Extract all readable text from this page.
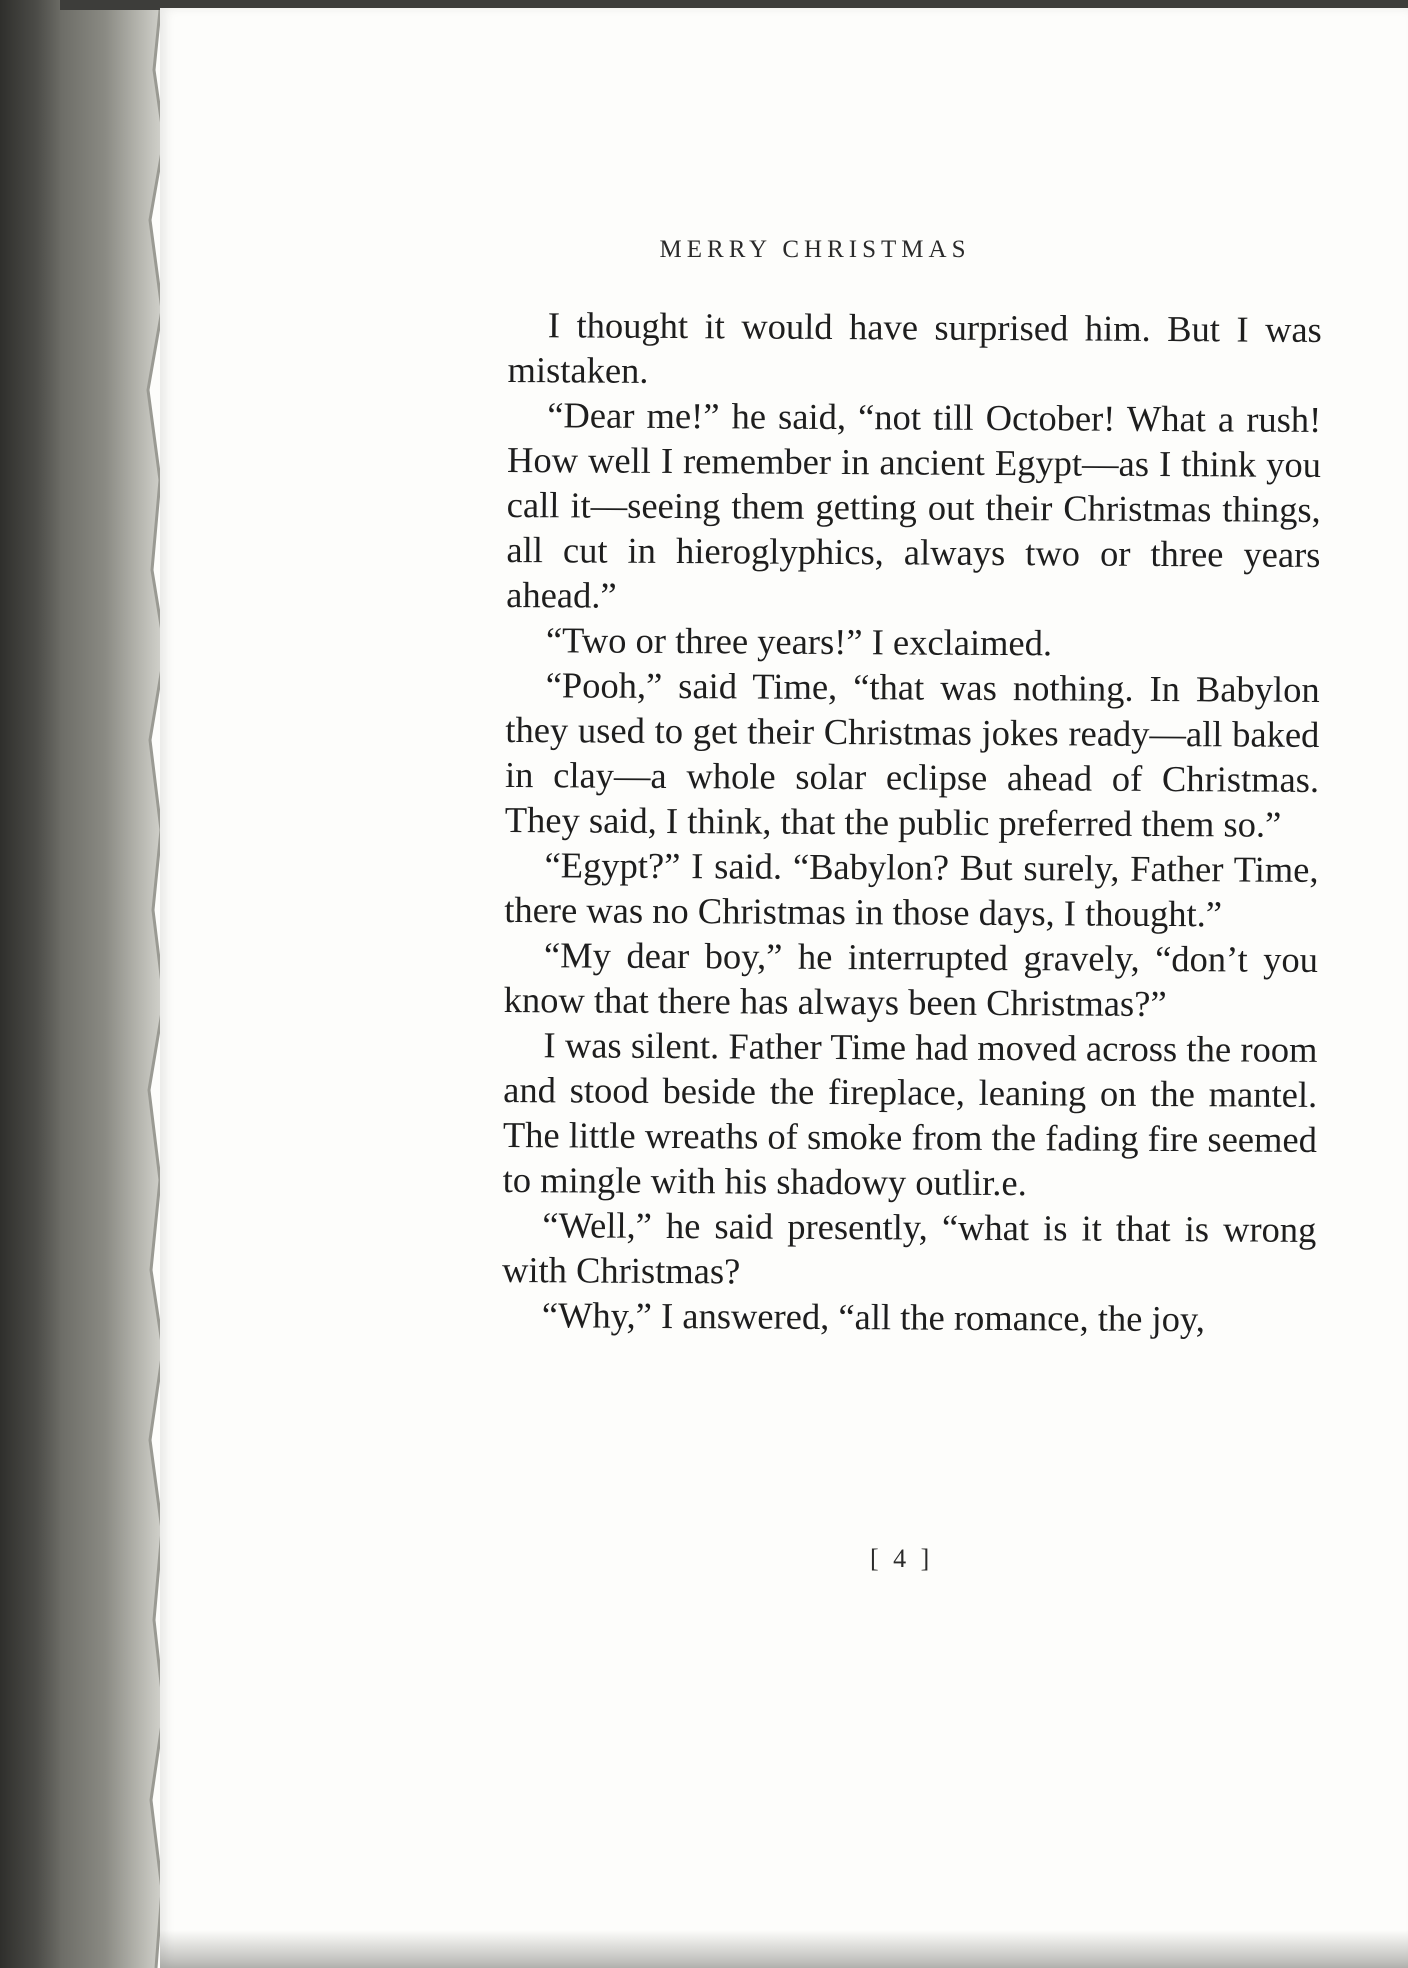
MERRY CHRISTMAS

I thought it would have surprised him. But I was mistaken.

“Dear me!” he said, “not till October! What a rush! How well I remember in ancient Egypt—as I think you call it—seeing them getting out their Christmas things, all cut in hieroglyphics, always two or three years ahead.”

“Two or three years!” I exclaimed.

“Pooh,” said Time, “that was nothing. In Babylon they used to get their Christmas jokes ready—all baked in clay—a whole solar eclipse ahead of Christmas. They said, I think, that the public preferred them so.”

“Egypt?” I said. “Babylon? But surely, Father Time, there was no Christmas in those days, I thought.”

“My dear boy,” he interrupted gravely, “don’t you know that there has always been Christmas?”

I was silent. Father Time had moved across the room and stood beside the fireplace, leaning on the mantel. The little wreaths of smoke from the fading fire seemed to mingle with his shadowy outlir.e.

“Well,” he said presently, “what is it that is wrong with Christmas?

“Why,” I answered, “all the romance, the joy,

[ 4 ]
